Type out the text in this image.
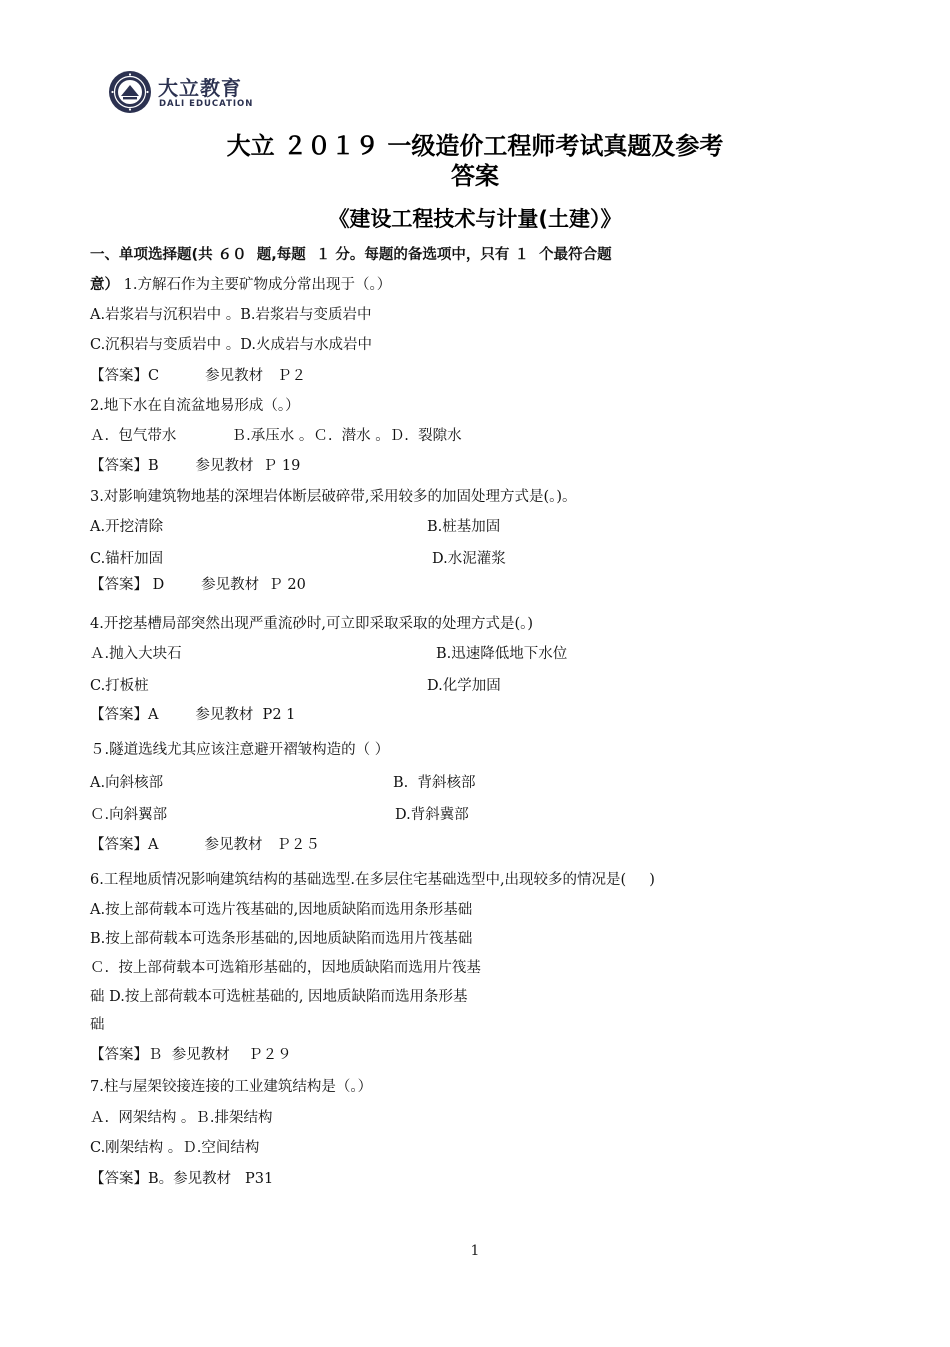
大立教育
DALI EDUCATION
大立 ２０１９ 一级造价工程师考试真题及参考
答案
《建设工程技术与计量(土建）》
一、单项选择题(共 ６０  题,每题  １ 分。每题的备选项中，只有 １  个最符合题
意） 1.方解石作为主要矿物成分常出现于（。）
A.岩浆岩与沉积岩中 。B.岩浆岩与变质岩中
C.沉积岩与变质岩中 。D.火成岩与水成岩中
【答案】C          参见教材   Ｐ２
2.地下水在自流盆地易形成（。）
Ａ.  包气带水            Ｂ.承压水 。Ｃ.  潜水 。Ｄ.  裂隙水
【答案】B        参见教材  Ｐ 19
3.对影响建筑物地基的深埋岩体断层破碎带,采用较多的加固处理方式是(。)。
A.开挖清除	B.桩基加固
C.锚杆加固	D.水泥灌浆
【答案】 D        参见教材  Ｐ 20
4.开挖基槽局部突然出现严重流砂时,可立即采取采取的处理方式是(。)
Ａ.抛入大块石	B.迅速降低地下水位
C.打板桩	D.化学加固
【答案】A        参见教材  P2 1
５.隧道选线尤其应该注意避开褶皱构造的（ ）
A.向斜核部	B.  背斜核部
Ｃ.向斜翼部	D.背斜冀部
【答案】A          参见教材   Ｐ２５
6.工程地质情况影响建筑结构的基础选型.在多层住宅基础选型中,出现较多的情况是(     )
A.按上部荷载本可选片筏基础的,因地质缺陷而选用条形基础
B.按上部荷载本可选条形基础的,因地质缺陷而选用片筏基础
Ｃ.  按上部荷载本可选箱形基础的，因地质缺陷而选用片筏基
础 D.按上部荷载本可选桩基础的, 因地质缺陷而选用条形基
础
【答案】Ｂ  参见教材    Ｐ２９
7.柱与屋架铰接连接的工业建筑结构是（。）
Ａ.  网架结构 。Ｂ.排架结构
C.刚架结构 。Ｄ.空间结构
【答案】B。参见教材   P31
1
